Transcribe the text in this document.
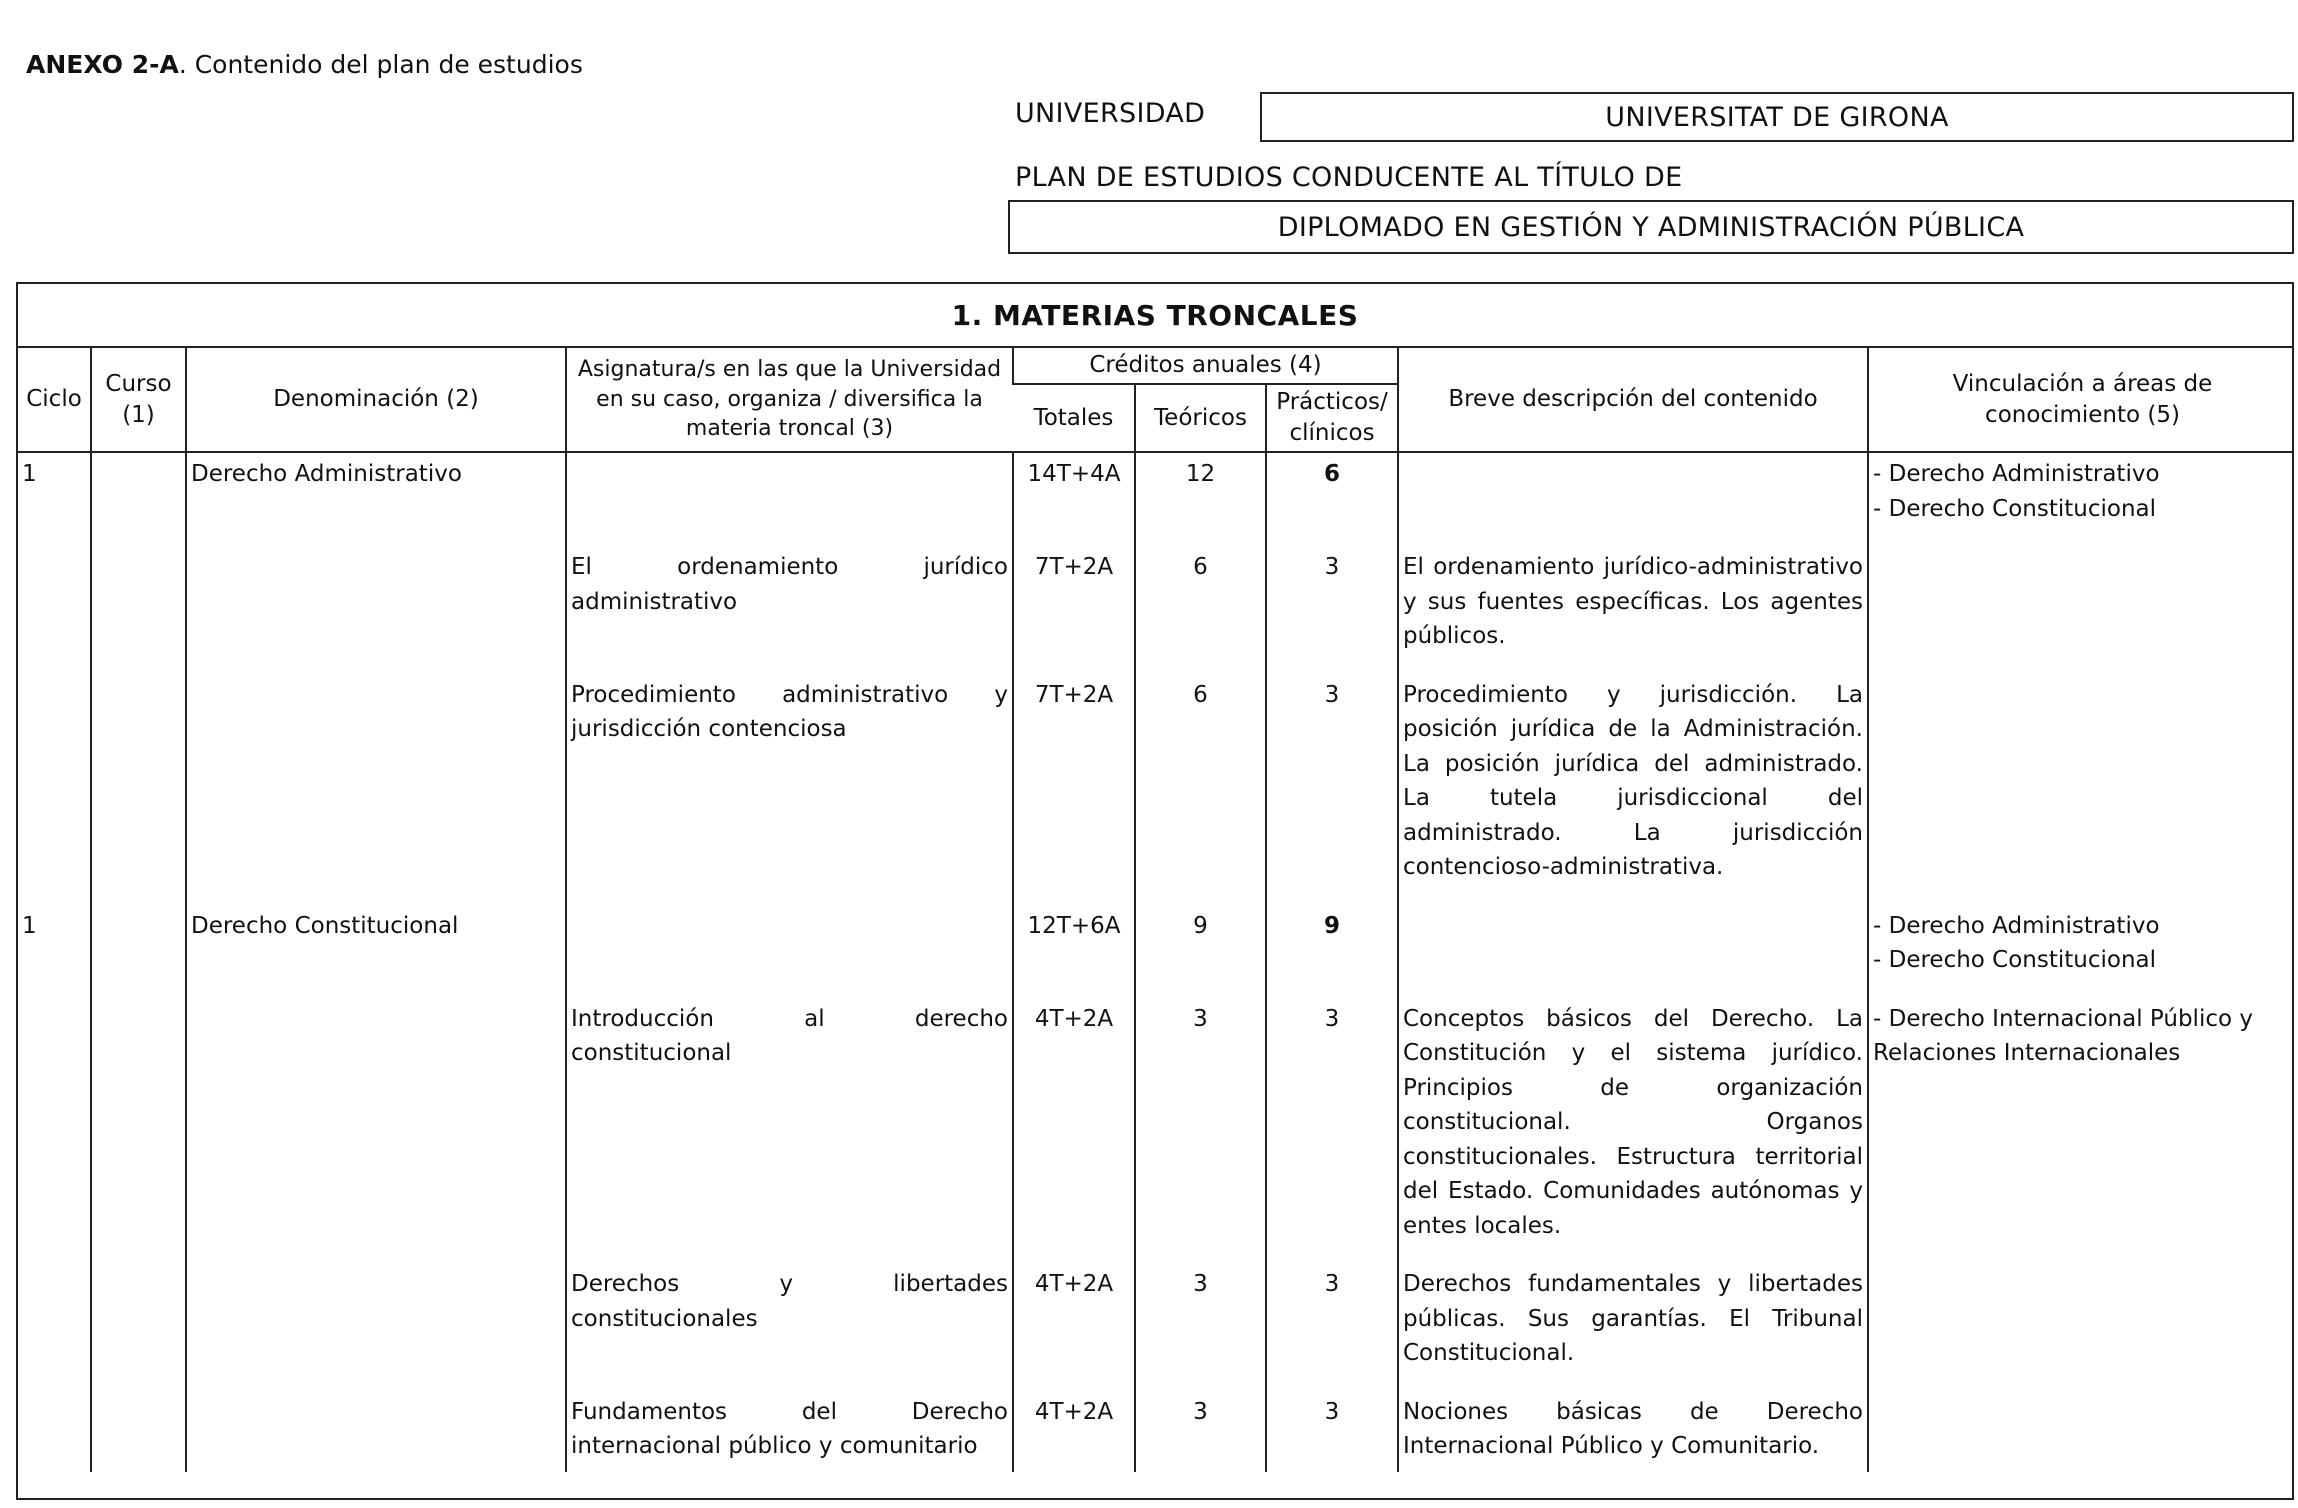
ANEXO 2-A. Contenido del plan de estudios
UNIVERSIDAD	UNIVERSITAT DE GIRONA
PLAN DE ESTUDIOS CONDUCENTE AL TÍTULO DE
DIPLOMADO EN GESTIÓN Y ADMINISTRACIÓN PÚBLICA
1. MATERIAS TRONCALES
Ciclo	Curso (1)	Denominación (2)	Asignatura/s en las que la Universidad en su caso, organiza / diversifica la materia troncal (3)	Créditos anuales (4)			Breve descripción del contenido	Vinculación a áreas de conocimiento (5)
				Totales	Teóricos	Prácticos/ clínicos		
1		Derecho Administrativo		14T+4A	12	6		- Derecho Administrativo
- Derecho Constitucional

			El ordenamiento jurídico administrativo	7T+2A	6	3	El ordenamiento jurídico-administrativo y sus fuentes específicas. Los agentes públicos.	
			Procedimiento administrativo y jurisdicción contenciosa	7T+2A	6	3	Procedimiento y jurisdicción. La posición jurídica de la Administración. La posición jurídica del administrado. La tutela jurisdiccional del administrado. La jurisdicción contencioso-administrativa.	
1		Derecho Constitucional		12T+6A	9	9		- Derecho Administrativo
- Derecho Constitucional

			Introducción al derecho constitucional	4T+2A	3	3	Conceptos básicos del Derecho. La Constitución y el sistema jurídico. Principios de organización constitucional. Organos constitucionales. Estructura territorial del Estado. Comunidades autónomas y entes locales.	- Derecho Internacional Público y Relaciones Internacionales

			Derechos y libertades constitucionales	4T+2A	3	3	Derechos fundamentales y libertades públicas. Sus garantías. El Tribunal Constitucional.	
			Fundamentos del Derecho internacional público y comunitario	4T+2A	3	3	Nociones básicas de Derecho Internacional Público y Comunitario.	
